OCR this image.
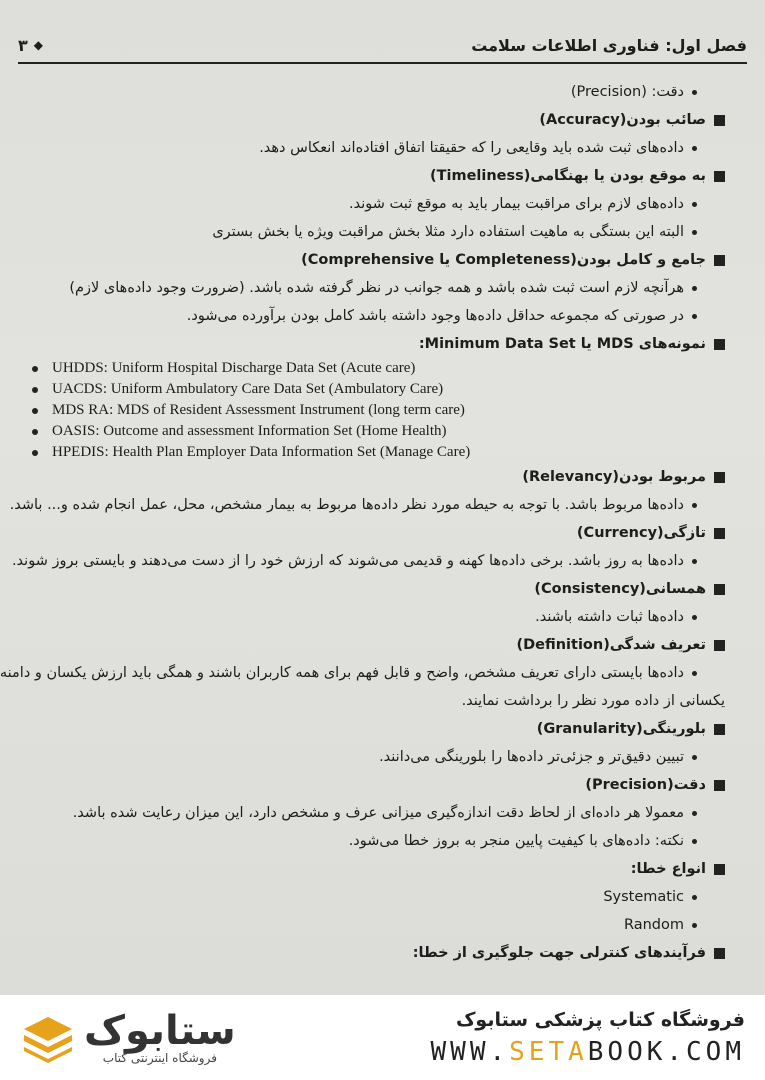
فصل اول: فناوری اطلاعات سلامت
◆
۳
دقت: (Precision)
صائب بودن(Accuracy)
داده‌های ثبت شده باید وقایعی را که حقیقتا اتفاق افتاده‌اند انعکاس دهد.
به موقع بودن یا بهنگامی(Timeliness)
داده‌های لازم برای مراقبت بیمار باید به موقع ثبت شوند.
البته این بستگی به ماهیت استفاده دارد مثلا بخش مراقبت ویژه یا بخش بستری
جامع و کامل بودن(Completeness یا Comprehensive)
هرآنچه لازم است ثبت شده باشد و همه جوانب در نظر گرفته شده باشد. (ضرورت وجود داده‌های لازم)
در صورتی که مجموعه حداقل داده‌ها وجود داشته باشد کامل بودن برآورده می‌شود.
نمونه‌های MDS یا Minimum Data Set:
UHDDS: Uniform Hospital Discharge Data Set (Acute care)
UACDS: Uniform Ambulatory Care Data Set (Ambulatory Care)
MDS RA: MDS of Resident Assessment Instrument (long term care)
OASIS: Outcome and assessment Information Set (Home Health)
HPEDIS: Health Plan Employer Data Information Set (Manage Care)
مربوط بودن(Relevancy)
داده‌ها مربوط باشد. با توجه به حیطه مورد نظر داده‌ها مربوط به بیمار مشخص، محل، عمل انجام شده و... باشد.
تازگی(Currency)
داده‌ها به روز باشد. برخی داده‌ها کهنه و قدیمی می‌شوند که ارزش خود را از دست می‌دهند و بایستی بروز شوند.
همسانی(Consistency)
داده‌ها ثبات داشته باشند.
تعریف شدگی(Definition)
داده‌ها بایستی دارای تعریف مشخص، واضح و قابل فهم برای همه کاربران باشند و همگی باید ارزش یکسان و دامنه
یکسانی از داده مورد نظر را برداشت نمایند.
بلورینگی(Granularity)
تبیین دقیق‌تر و جزئی‌تر داده‌ها را بلورینگی می‌دانند.
دقت(Precision)
معمولا هر داده‌ای از لحاظ دقت اندازه‌گیری میزانی عرف و مشخص دارد، این میزان رعایت شده باشد.
نکته: داده‌های با کیفیت پایین منجر به بروز خطا می‌شود.
انواع خطا:
Systematic
Random
فرآیندهای کنترلی جهت جلوگیری از خطا:
ستابوک
فروشگاه اینترنتی کتاب
فروشگاه کتاب پزشکی ستابوک
WWW.SETABOOK.COM
